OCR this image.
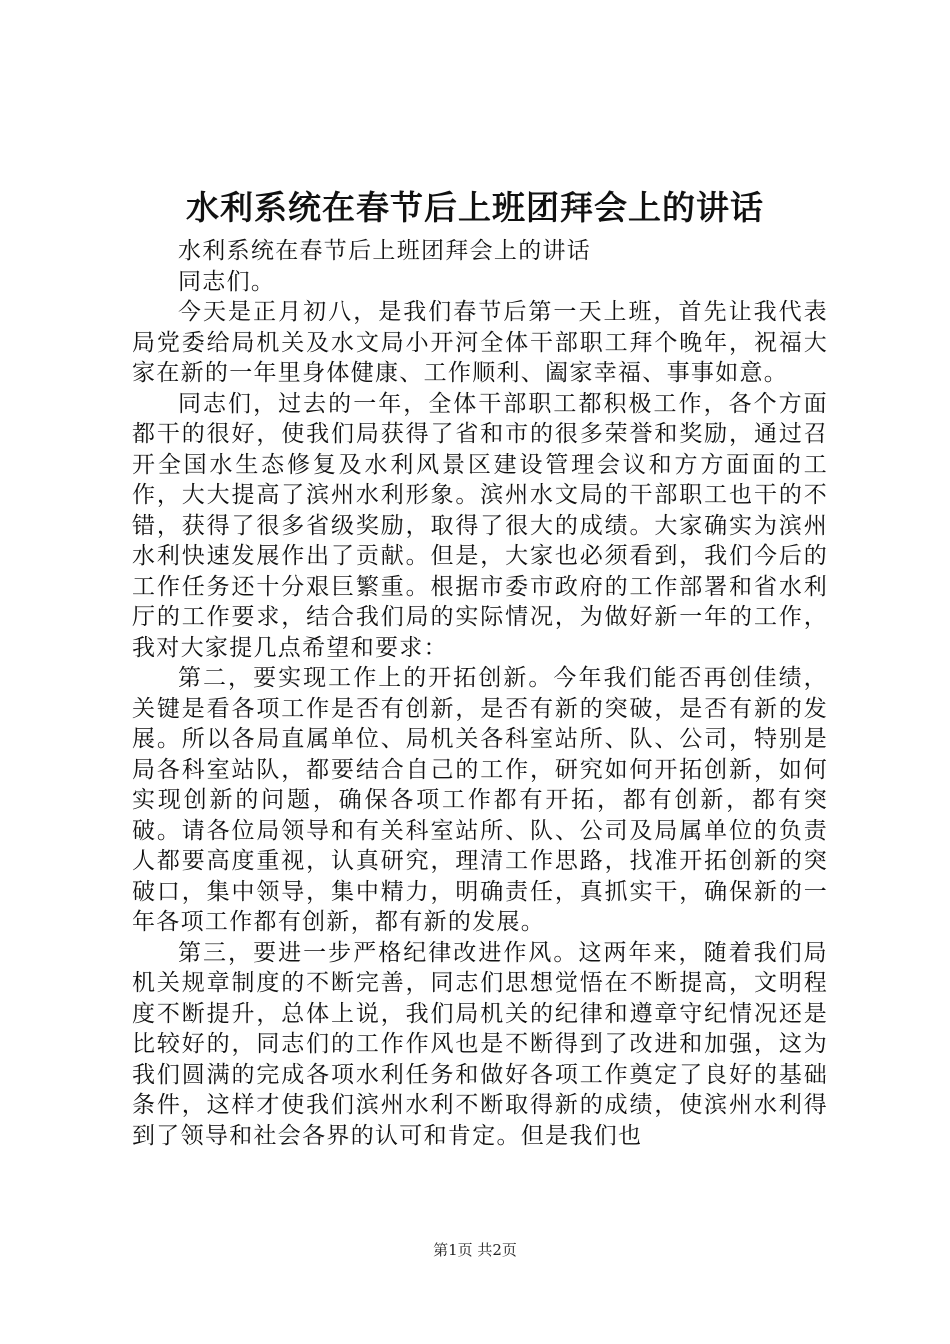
水利系统在春节后上班团拜会上的讲话

水利系统在春节后上班团拜会上的讲话

同志们。

今天是正月初八，是我们春节后第一天上班，首先让我代表局党委给局机关及水文局小开河全体干部职工拜个晚年，祝福大家在新的一年里身体健康、工作顺利、阖家幸福、事事如意。

同志们，过去的一年，全体干部职工都积极工作，各个方面都干的很好，使我们局获得了省和市的很多荣誉和奖励，通过召开全国水生态修复及水利风景区建设管理会议和方方面面的工作，大大提高了滨州水利形象。滨州水文局的干部职工也干的不错，获得了很多省级奖励，取得了很大的成绩。大家确实为滨州水利快速发展作出了贡献。但是，大家也必须看到，我们今后的工作任务还十分艰巨繁重。根据市委市政府的工作部署和省水利厅的工作要求，结合我们局的实际情况，为做好新一年的工作，我对大家提几点希望和要求：

第二，要实现工作上的开拓创新。今年我们能否再创佳绩，关键是看各项工作是否有创新，是否有新的突破，是否有新的发展。所以各局直属单位、局机关各科室站所、队、公司，特别是局各科室站队，都要结合自己的工作，研究如何开拓创新，如何实现创新的问题，确保各项工作都有开拓，都有创新，都有突破。请各位局领导和有关科室站所、队、公司及局属单位的负责人都要高度重视，认真研究，理清工作思路，找准开拓创新的突破口，集中领导，集中精力，明确责任，真抓实干，确保新的一年各项工作都有创新，都有新的发展。

第三，要进一步严格纪律改进作风。这两年来，随着我们局机关规章制度的不断完善，同志们思想觉悟在不断提高，文明程度不断提升，总体上说，我们局机关的纪律和遵章守纪情况还是比较好的，同志们的工作作风也是不断得到了改进和加强，这为我们圆满的完成各项水利任务和做好各项工作奠定了良好的基础条件，这样才使我们滨州水利不断取得新的成绩，使滨州水利得到了领导和社会各界的认可和肯定。但是我们也

第1页 共2页
